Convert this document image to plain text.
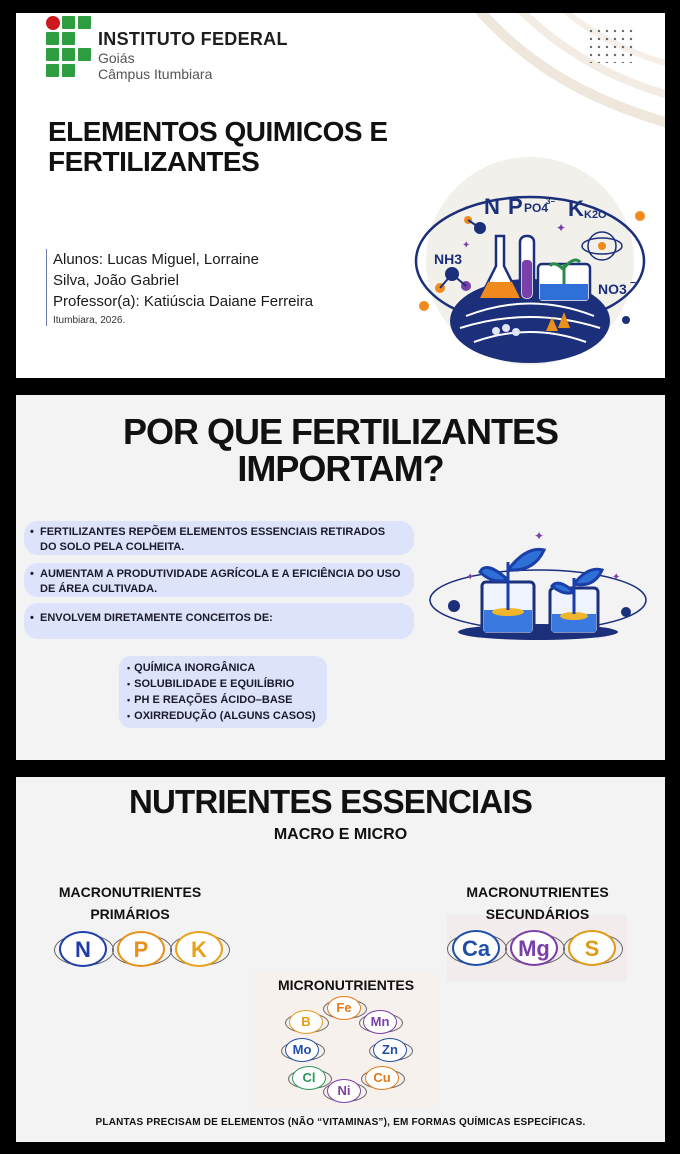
INSTITUTO FEDERAL
Goiás
Câmpus Itumbiara
ELEMENTOS QUIMICOS E FERTILIZANTES
Alunos: Lucas Miguel, Lorraine
Silva, João Gabriel
Professor(a): Katiúscia Daiane Ferreira
Itumbiara, 2026.
N P PO4
3− K K2O
NH3
NO3 −
✦
✦
POR QUE FERTILIZANTES
IMPORTAM?
• FERTILIZANTES REPÕEM ELEMENTOS ESSENCIAIS RETIRADOS DO SOLO PELA COLHEITA.
• AUMENTAM A PRODUTIVIDADE AGRÍCOLA E A EFICIÊNCIA DO USO DE ÁREA CULTIVADA.
• ENVOLVEM DIRETAMENTE CONCEITOS DE:
• QUÍMICA INORGÂNICA
• SOLUBILIDADE E EQUILÍBRIO
• PH E REAÇÕES ÁCIDO–BASE
• OXIRREDUÇÃO (ALGUNS CASOS)
✦
✦	✦
NUTRIENTES ESSENCIAIS
MACRO E MICRO
MACRONUTRIENTES PRIMÁRIOS
MACRONUTRIENTES SECUNDÁRIOS
MICRONUTRIENTES
PLANTAS PRECISAM DE ELEMENTOS (NÃO “VITAMINAS”), EM FORMAS QUÍMICAS ESPECÍFICAS.
N	P	K	Ca	Mg	S
Fe
B	Mn
Mo	Zn
Cl	Cu
Ni
